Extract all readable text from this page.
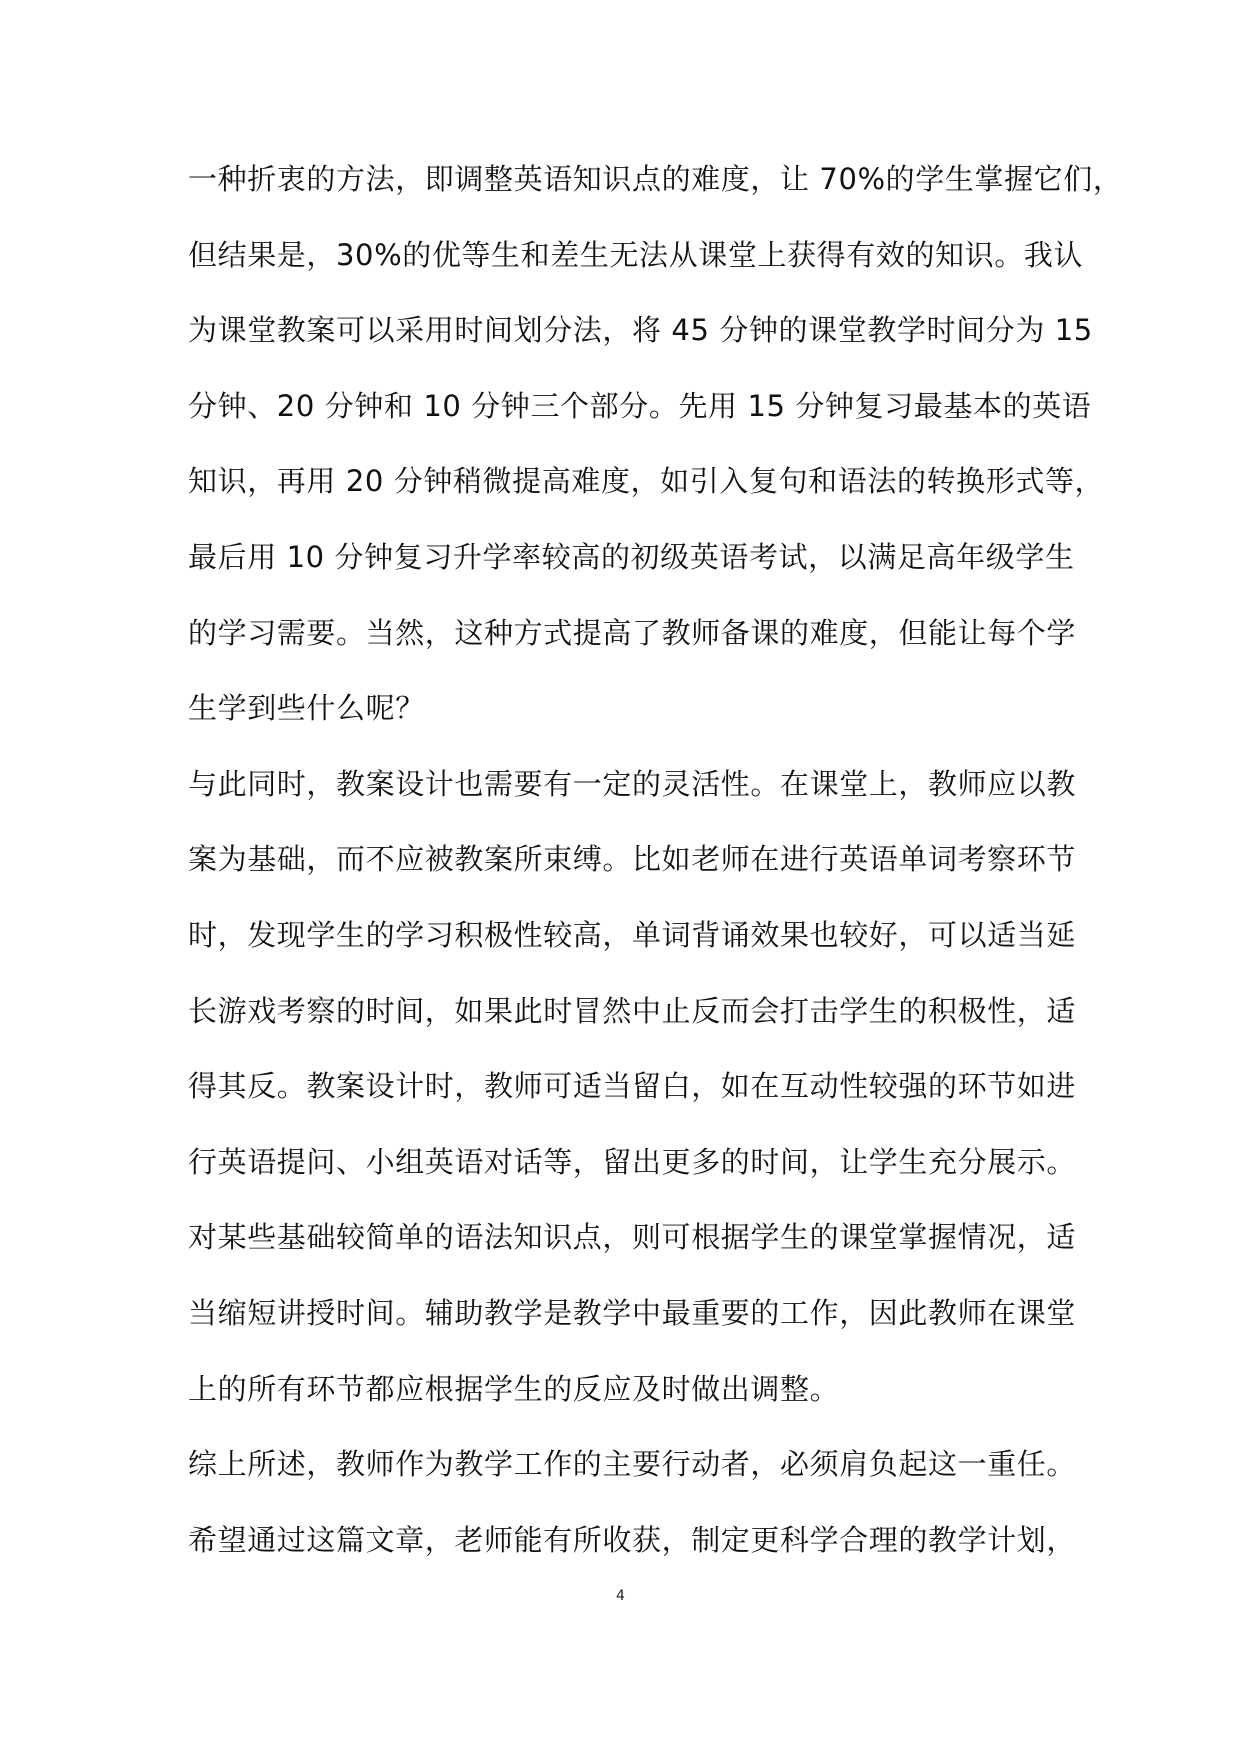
一种折衷的方法，即调整英语知识点的难度，让 70%的学生掌握它们，
但结果是，30%的优等生和差生无法从课堂上获得有效的知识。我认
为课堂教案可以采用时间划分法，将 45 分钟的课堂教学时间分为 15
分钟、20 分钟和 10 分钟三个部分。先用 15 分钟复习最基本的英语
知识，再用 20 分钟稍微提高难度，如引入复句和语法的转换形式等，
最后用 10 分钟复习升学率较高的初级英语考试，以满足高年级学生
的学习需要。当然，这种方式提高了教师备课的难度，但能让每个学
生学到些什么呢？
与此同时，教案设计也需要有一定的灵活性。在课堂上，教师应以教
案为基础，而不应被教案所束缚。比如老师在进行英语单词考察环节
时，发现学生的学习积极性较高，单词背诵效果也较好，可以适当延
长游戏考察的时间，如果此时冒然中止反而会打击学生的积极性，适
得其反。教案设计时，教师可适当留白，如在互动性较强的环节如进
行英语提问、小组英语对话等，留出更多的时间，让学生充分展示。
对某些基础较简单的语法知识点，则可根据学生的课堂掌握情况，适
当缩短讲授时间。辅助教学是教学中最重要的工作，因此教师在课堂
上的所有环节都应根据学生的反应及时做出调整。
综上所述，教师作为教学工作的主要行动者，必须肩负起这一重任。
希望通过这篇文章，老师能有所收获，制定更科学合理的教学计划，
4
